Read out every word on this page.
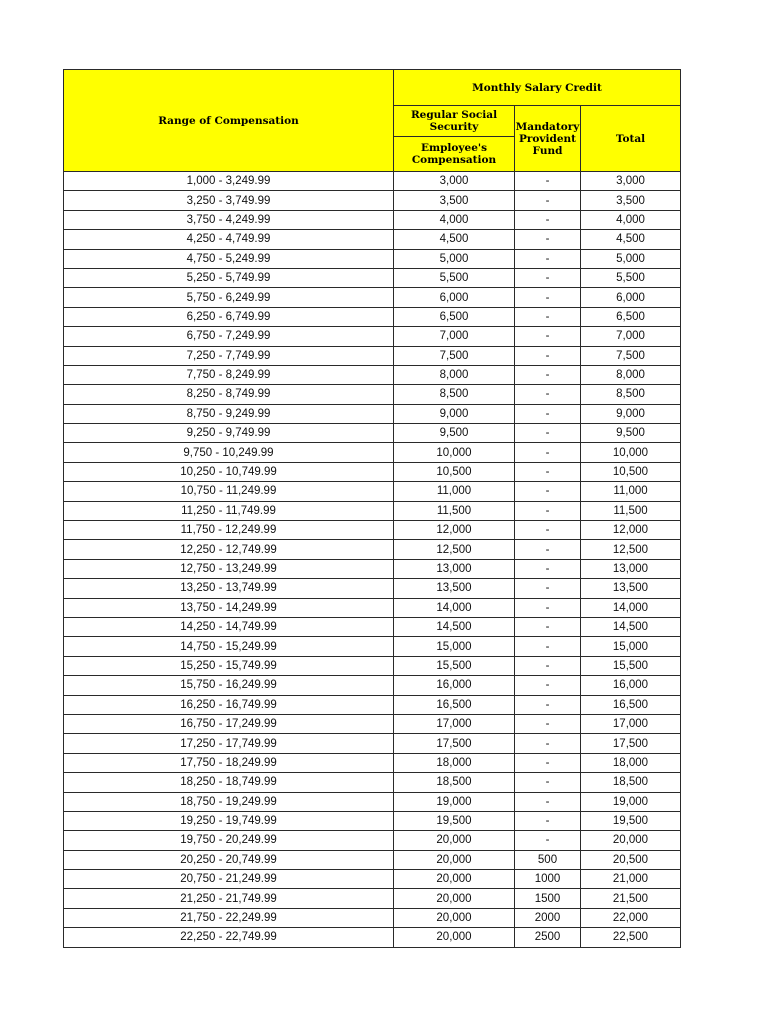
Range of Compensation	Monthly Salary Credit		
	Regular Social Security	Mandatory Provident Fund	Total
	Employee's Compensation		
1,000 - 3,249.99	3,000	-	3,000
3,250 - 3,749.99	3,500	-	3,500
3,750 - 4,249.99	4,000	-	4,000
4,250 - 4,749.99	4,500	-	4,500
4,750 - 5,249.99	5,000	-	5,000
5,250 - 5,749.99	5,500	-	5,500
5,750 - 6,249.99	6,000	-	6,000
6,250 - 6,749.99	6,500	-	6,500
6,750 - 7,249.99	7,000	-	7,000
7,250 - 7,749.99	7,500	-	7,500
7,750 - 8,249.99	8,000	-	8,000
8,250 - 8,749.99	8,500	-	8,500
8,750 - 9,249.99	9,000	-	9,000
9,250 - 9,749.99	9,500	-	9,500
9,750 - 10,249.99	10,000	-	10,000
10,250 - 10,749.99	10,500	-	10,500
10,750 - 11,249.99	11,000	-	11,000
11,250 - 11,749.99	11,500	-	11,500
11,750 - 12,249.99	12,000	-	12,000
12,250 - 12,749.99	12,500	-	12,500
12,750 - 13,249.99	13,000	-	13,000
13,250 - 13,749.99	13,500	-	13,500
13,750 - 14,249.99	14,000	-	14,000
14,250 - 14,749.99	14,500	-	14,500
14,750 - 15,249.99	15,000	-	15,000
15,250 - 15,749.99	15,500	-	15,500
15,750 - 16,249.99	16,000	-	16,000
16,250 - 16,749.99	16,500	-	16,500
16,750 - 17,249.99	17,000	-	17,000
17,250 - 17,749.99	17,500	-	17,500
17,750 - 18,249.99	18,000	-	18,000
18,250 - 18,749.99	18,500	-	18,500
18,750 - 19,249.99	19,000	-	19,000
19,250 - 19,749.99	19,500	-	19,500
19,750 - 20,249.99	20,000	-	20,000
20,250 - 20,749.99	20,000	500	20,500
20,750 - 21,249.99	20,000	1000	21,000
21,250 - 21,749.99	20,000	1500	21,500
21,750 - 22,249.99	20,000	2000	22,000
22,250 - 22,749.99	20,000	2500	22,500
